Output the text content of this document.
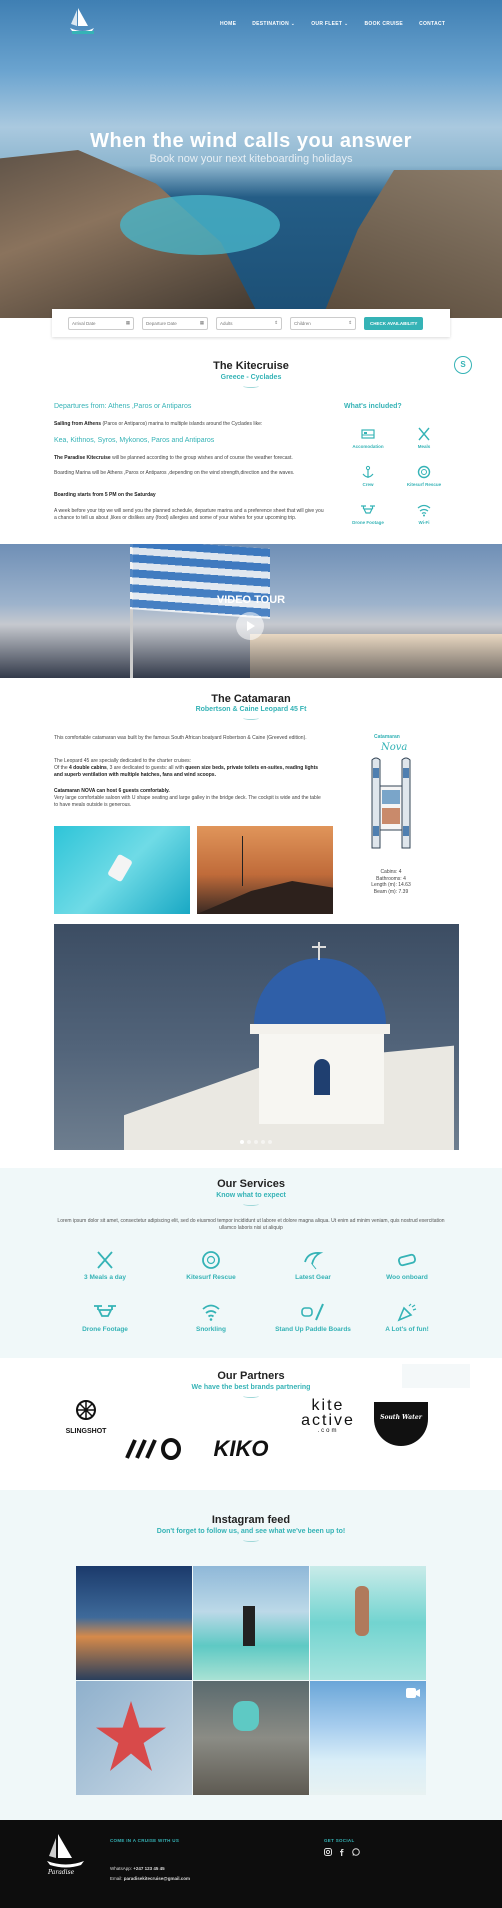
When the wind calls you answer
Book now your next kiteboarding holidays
HOME	DESTINATION ⌄	OUR FLEET ⌄	BOOK CRUISE	CONTACT
Arrival Date	▦	Departure Date	▦	Adults	⇕	Children	⇕	CHECK AVAILABILITY
The Kitecruise
Greece - Cyclades
S
Departures from: Athens ,Paros or Antiparos
Sailing from Athens (Paros or Antiparos) marina to multiple islands around the Cyclades like:
Kea, Kithnos, Syros, Mykonos, Paros and Antiparos
The Paradise Kitecruise will be planned according to the group wishes and of course the weather forecast.
Boarding Marina will be Athens ,Paros or Antiparos ,depending on the wind strength,direction and the waves.
Boarding starts from 5 PM on the Saturday
A week before your trip we will send you the planned schedule, departure marina and a preference sheet that will give you a chance to tell us about ,likes or dislikes any (food) allergies and some of your wishes for your upcoming trip.
What's included?
Accomodation	Meals
Crew	Kitesurf Rescue
Drone Footage	Wi-Fi
VIDEO TOUR
The Catamaran
Robertson & Caine Leopard 45 Ft
This comfortable catamaran was built by the famous South African boatyard Robertson & Caine (Greeved edition).
The Leopard 45 are specially dedicated to the charter cruises:
Of the 4 double cabins, 3 are dedicated to guests: all with queen size beds, private toilets en-suites, reading lights and superb ventilation with multiple hatches, fans and wind scoops.
Catamaran NOVA can host 6 guests comfortably.
Very large comfortable saloon with U shape seating and large galley in the bridge deck. The cockpit is wide and the table to have meals outside is generous.
Catamaran
Nova
Cabins: 4
Bathrooms: 4
Length (m): 14.63
Beam (m): 7.39
Our Services
Know what to expect
Lorem ipsum dolor sit amet, consectetur adipiscing elit, sed do eiusmod tempor incididunt ut labore et dolore magna aliqua. Ut enim ad minim veniam, quis nostrud exercitation ullamco laboris nisi ut aliquip
3 Meals a day	Kitesurf Rescue	Latest Gear	Woo onboard
Drone Footage	Snorkling	Stand Up Paddle Boards	A Lot's of fun!
Our Partners
We have the best brands partnering
SLINGSHOT
KIKO
kite
active
.com
South Water
Instagram feed
Don't forget to follow us, and see what we've been up to!
Paradise
COME IN A CRUISE WITH US
WhatsApp: +247 123 45 45
Email: paradisekitecruise@gmail.com
GET SOCIAL
